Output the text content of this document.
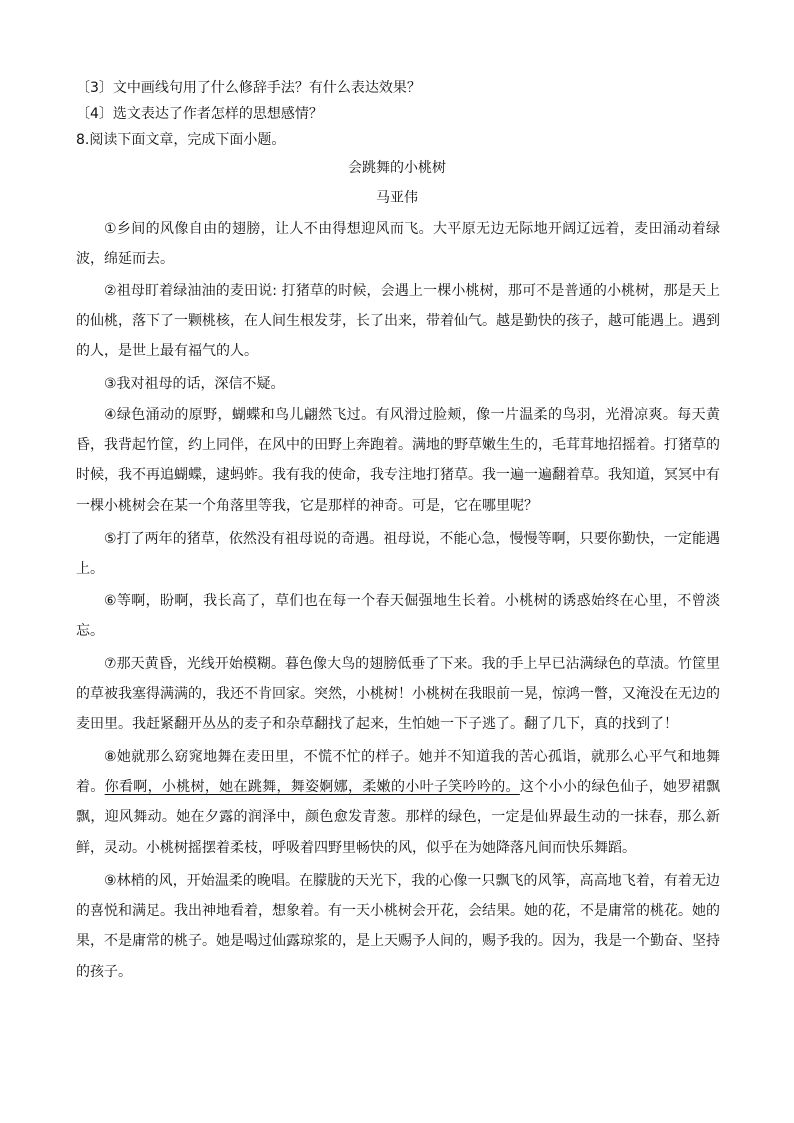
〔3〕文中画线句用了什么修辞手法？有什么表达效果？
〔4〕选文表达了作者怎样的思想感情？
8.阅读下面文章，完成下面小题。
会跳舞的小桃树
马亚伟
①乡间的风像自由的翅膀，让人不由得想迎风而飞。大平原无边无际地开阔辽远着，麦田涌动着绿波，绵延而去。
②祖母盯着绿油油的麦田说: 打猪草的时候，会遇上一棵小桃树，那可不是普通的小桃树，那是天上的仙桃，落下了一颗桃核，在人间生根发芽，长了出来，带着仙气。越是勤快的孩子，越可能遇上。遇到的人，是世上最有福气的人。
③我对祖母的话，深信不疑。
④绿色涌动的原野，蝴蝶和鸟儿翩然飞过。有风滑过脸颊，像一片温柔的鸟羽，光滑凉爽。每天黄昏，我背起竹筐，约上同伴，在风中的田野上奔跑着。满地的野草嫩生生的，毛茸茸地招摇着。打猪草的时候，我不再追蝴蝶，逮蚂蚱。我有我的使命，我专注地打猪草。我一遍一遍翻着草。我知道，冥冥中有一棵小桃树会在某一个角落里等我，它是那样的神奇。可是，它在哪里呢？
⑤打了两年的猪草，依然没有祖母说的奇遇。祖母说，不能心急，慢慢等啊，只要你勤快，一定能遇上。
⑥等啊，盼啊，我长高了，草们也在每一个春天倔强地生长着。小桃树的诱惑始终在心里，不曾淡忘。
⑦那天黄昏，光线开始模糊。暮色像大鸟的翅膀低垂了下来。我的手上早已沾满绿色的草渍。竹筐里的草被我塞得满满的，我还不肯回家。突然，小桃树！小桃树在我眼前一晃，惊鸿一瞥，又淹没在无边的麦田里。我赶紧翻开丛丛的麦子和杂草翻找了起来，生怕她一下子逃了。翻了几下，真的找到了！
⑧她就那么窈窕地舞在麦田里，不慌不忙的样子。她并不知道我的苦心孤诣，就那么心平气和地舞着。你看啊，小桃树，她在跳舞，舞姿婀娜，柔嫩的小叶子笑吟吟的。这个小小的绿色仙子，她罗裙飘飘，迎风舞动。她在夕露的润泽中，颜色愈发青葱。那样的绿色，一定是仙界最生动的一抹春，那么新鲜，灵动。小桃树摇摆着柔枝，呼吸着四野里畅快的风，似乎在为她降落凡间而快乐舞蹈。
⑨林梢的风，开始温柔的晚唱。在朦胧的天光下，我的心像一只飘飞的风筝，高高地飞着，有着无边的喜悦和满足。我出神地看着，想象着。有一天小桃树会开花，会结果。她的花，不是庸常的桃花。她的果，不是庸常的桃子。她是喝过仙露琼浆的，是上天赐予人间的，赐予我的。因为，我是一个勤奋、坚持的孩子。
